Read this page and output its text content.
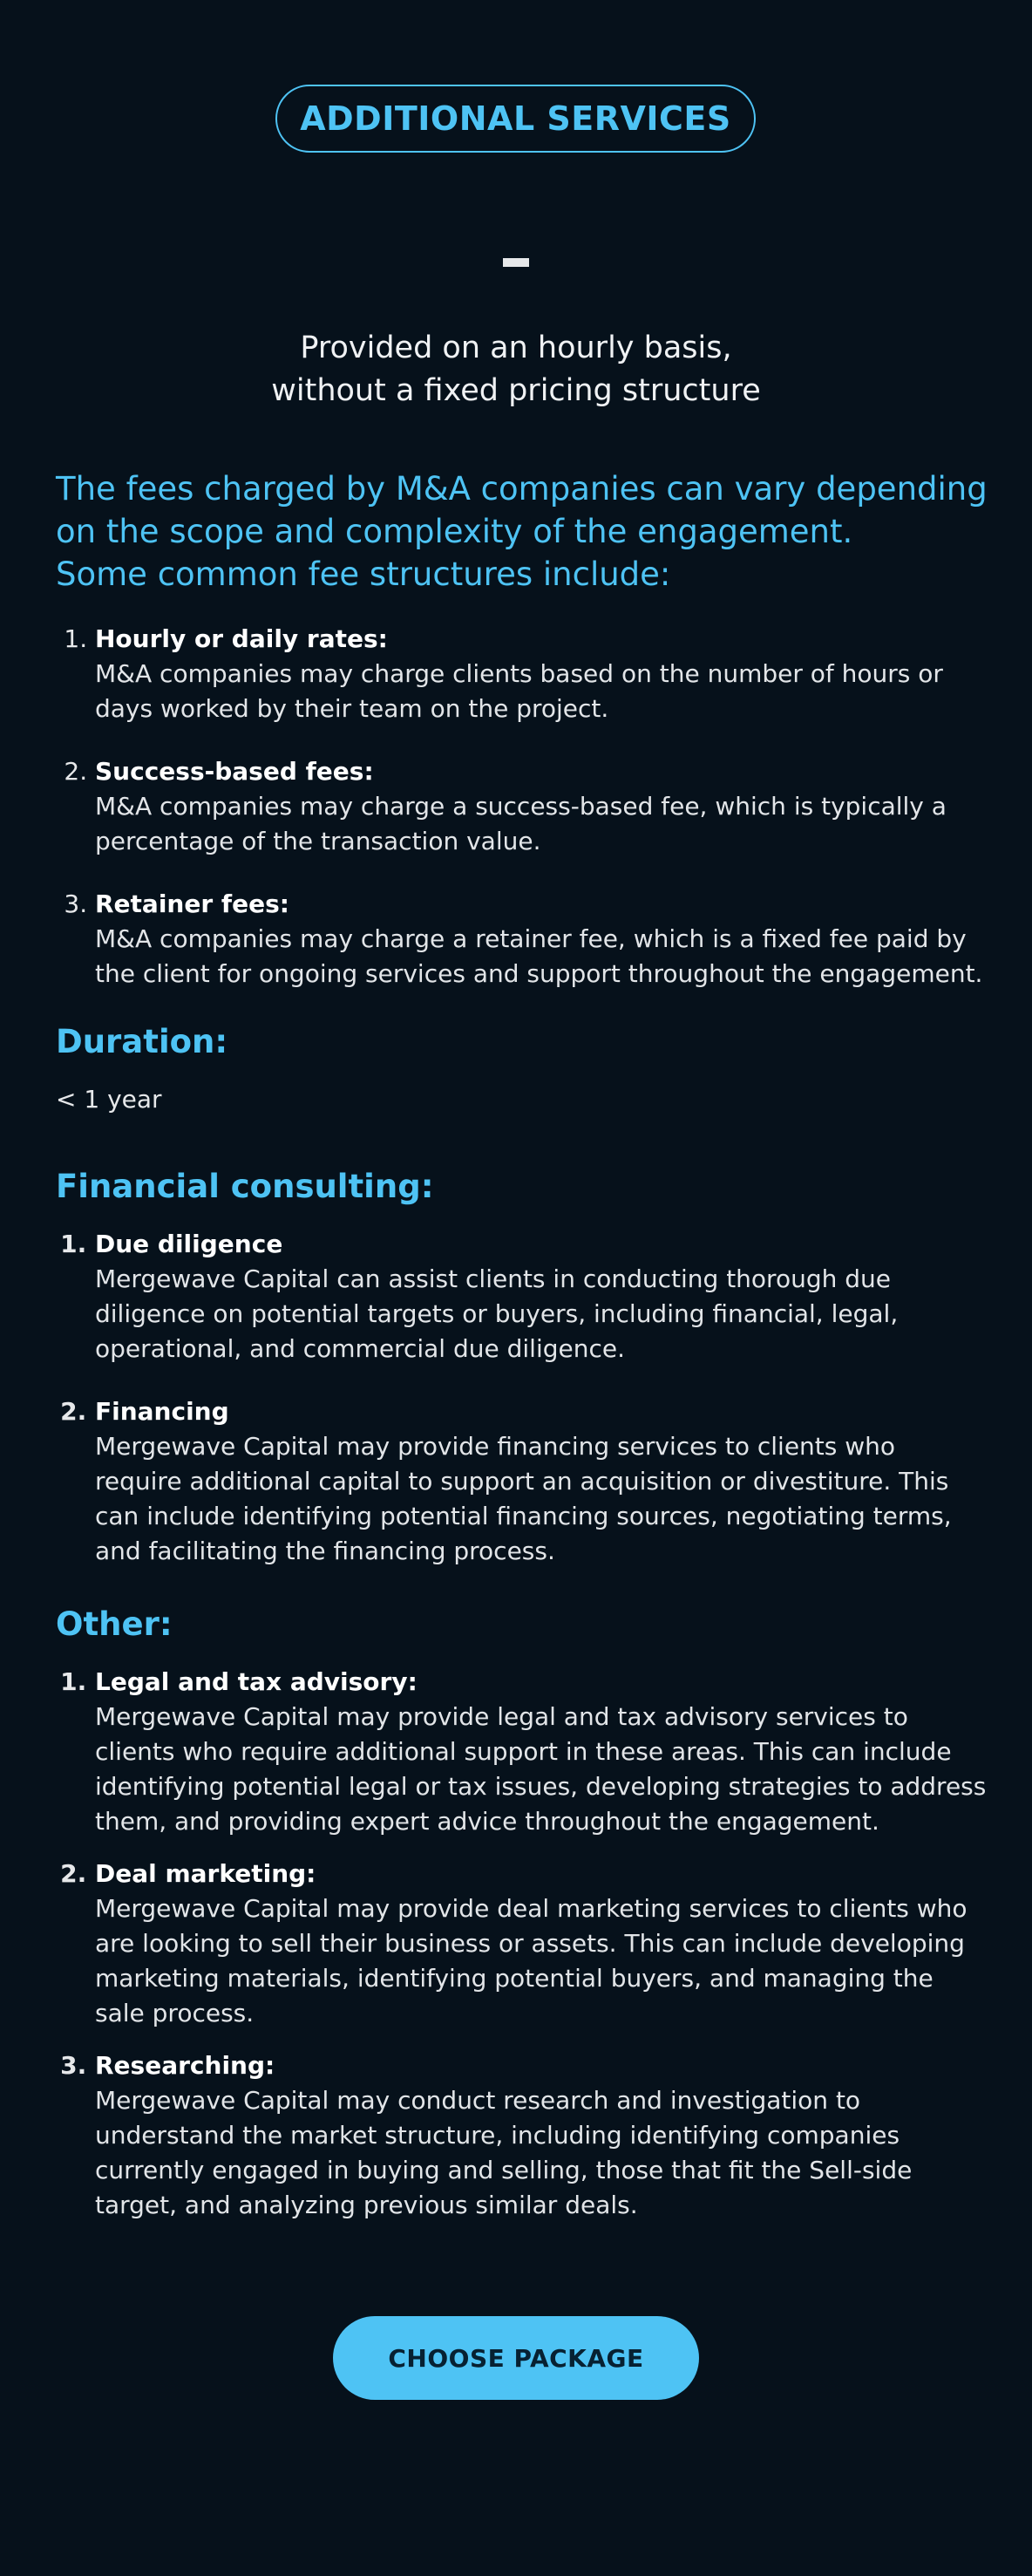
ADDITIONAL SERVICES
Provided on an hourly basis,
without a fixed pricing structure
The fees charged by M&A companies can vary depending
on the scope and complexity of the engagement.
Some common fee structures include:
1. Hourly or daily rates:
M&A companies may charge clients based on the number of hours or days worked by their team on the project.
2. Success-based fees:
M&A companies may charge a success-based fee, which is typically a percentage of the transaction value.
3. Retainer fees:
M&A companies may charge a retainer fee, which is a fixed fee paid by the client for ongoing services and support throughout the engagement.
Duration:

< 1 year

Financial consulting:
1. Due diligence
Mergewave Capital can assist clients in conducting thorough due diligence on potential targets or buyers, including financial, legal, operational, and commercial due diligence.
2. Financing
Mergewave Capital may provide financing services to clients who require additional capital to support an acquisition or divestiture. This can include identifying potential financing sources, negotiating terms, and facilitating the financing process.
Other:
1. Legal and tax advisory:
Mergewave Capital may provide legal and tax advisory services to clients who require additional support in these areas. This can include identifying potential legal or tax issues, developing strategies to address them, and providing expert advice throughout the engagement.
2. Deal marketing:
Mergewave Capital may provide deal marketing services to clients who are looking to sell their business or assets. This can include developing marketing materials, identifying potential buyers, and managing the sale process.
3. Researching:
Mergewave Capital may conduct research and investigation to understand the market structure, including identifying companies currently engaged in buying and selling, those that fit the Sell-side target, and analyzing previous similar deals.
CHOOSE PACKAGE
